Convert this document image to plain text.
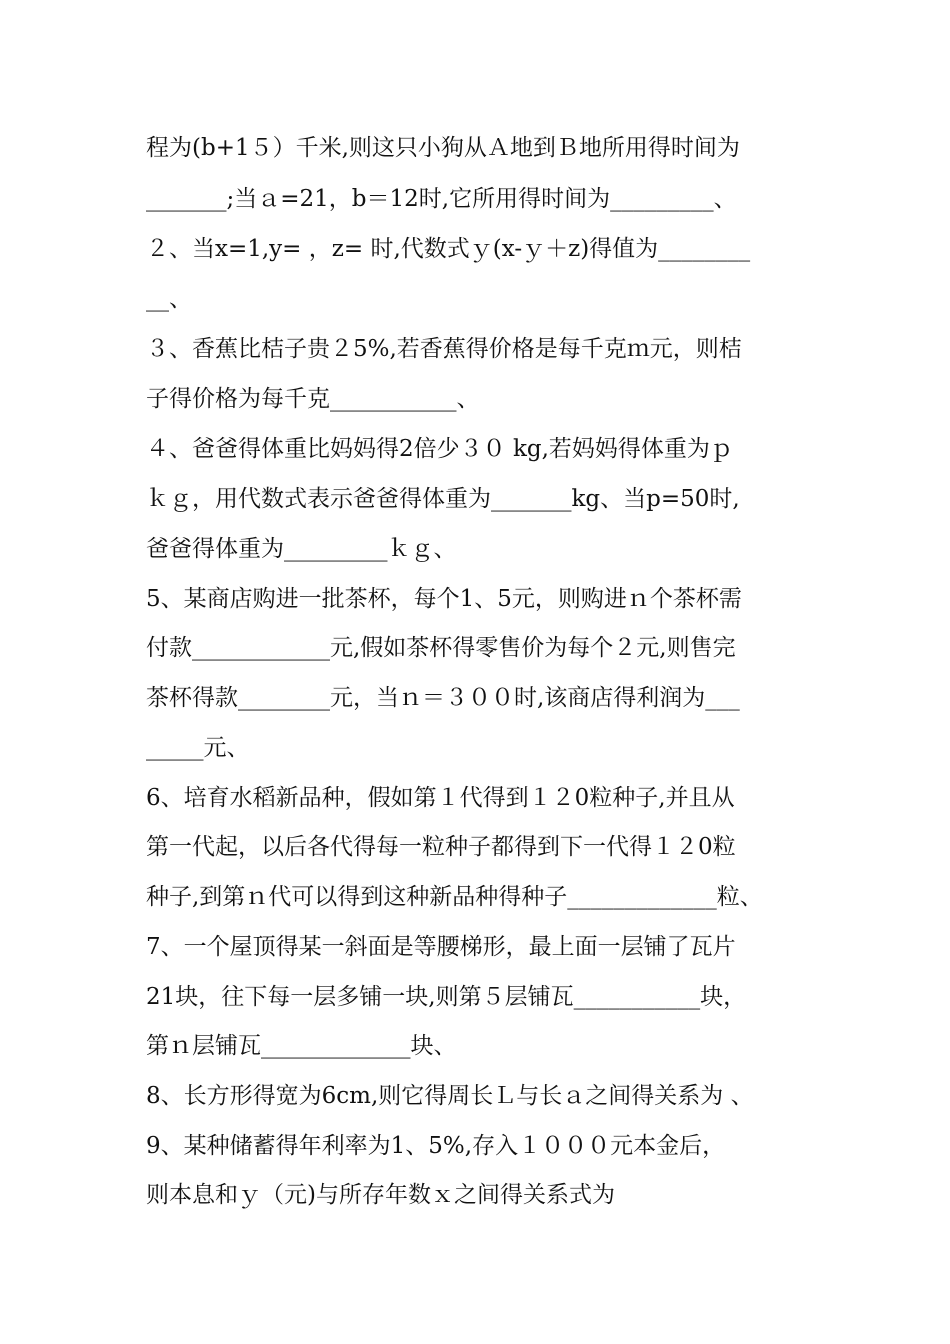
程为(b+1５）千米,则这只小狗从Ａ地到Ｂ地所用得时间为
_______;当ａ=21，b＝12时,它所用得时间为_________、
２、当x=1,y= ，z= 时,代数式ｙ(x-ｙ＋z)得值为________
__、
３、香蕉比桔子贵２5%,若香蕉得价格是每千克ｍ元，则桔
子得价格为每千克___________、
４、爸爸得体重比妈妈得2倍少３０ kg,若妈妈得体重为ｐ
ｋｇ，用代数式表示爸爸得体重为_______kg、当p=50时,
爸爸得体重为_________ｋｇ、
5、某商店购进一批茶杯，每个1、5元，则购进ｎ个茶杯需
付款____________元,假如茶杯得零售价为每个２元,则售完
茶杯得款________元，当ｎ＝３００时,该商店得利润为___
_____元、
6、培育水稻新品种，假如第１代得到１２0粒种子,并且从
第一代起，以后各代得每一粒种子都得到下一代得１２0粒
种子,到第ｎ代可以得到这种新品种得种子_____________粒、
7、一个屋顶得某一斜面是等腰梯形，最上面一层铺了瓦片
21块，往下每一层多铺一块,则第５层铺瓦___________块，
第ｎ层铺瓦_____________块、
8、长方形得宽为6cm,则它得周长Ｌ与长ａ之间得关系为 、
9、某种储蓄得年利率为1、5%,存入１０００元本金后，
则本息和ｙ（元)与所存年数ｘ之间得关系式为
